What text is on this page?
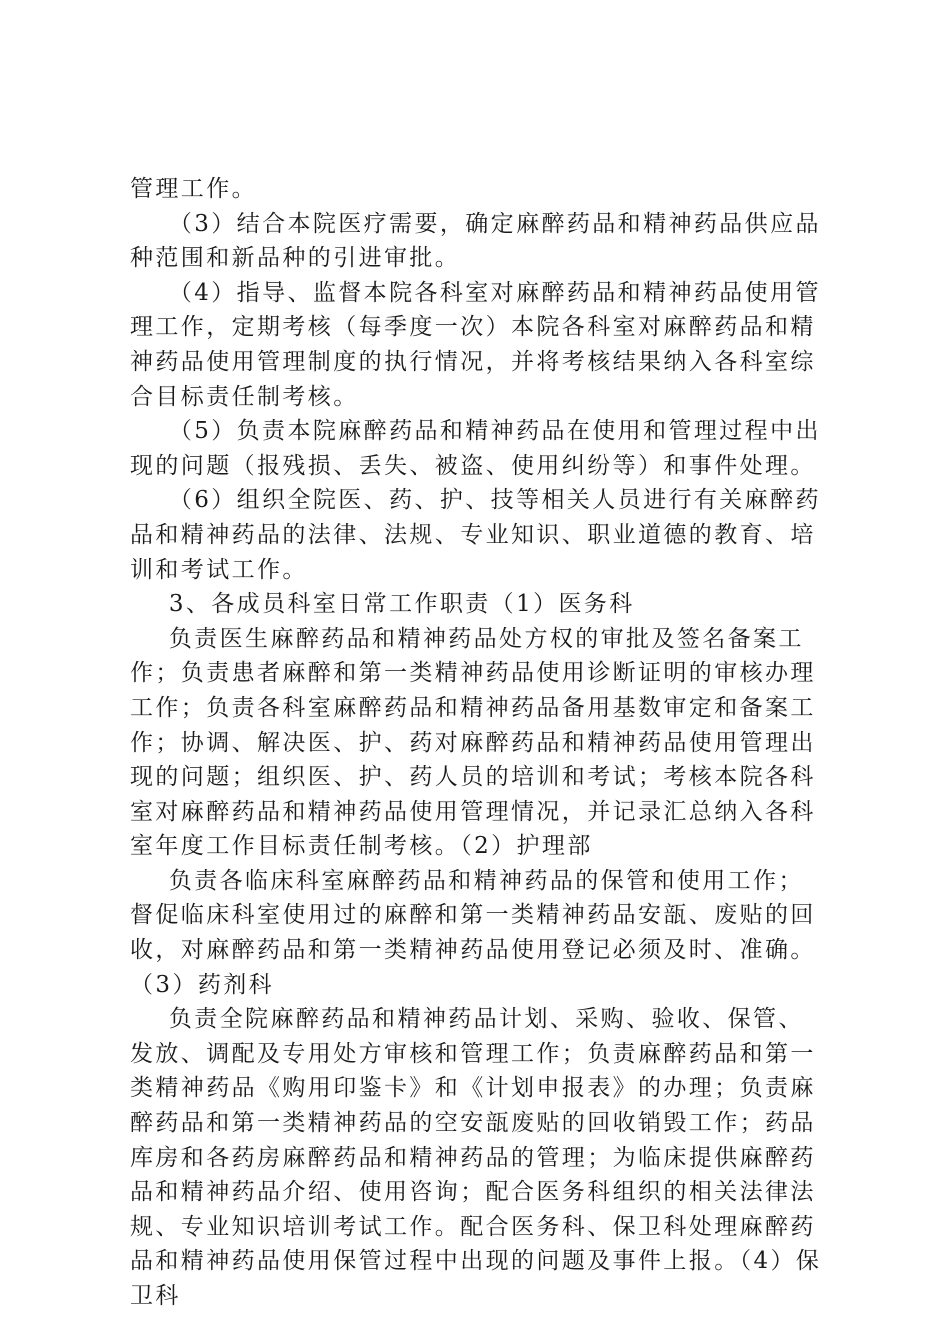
管理工作。
（3）结合本院医疗需要，确定麻醉药品和精神药品供应品
种范围和新品种的引进审批。
（4）指导、监督本院各科室对麻醉药品和精神药品使用管
理工作，定期考核（每季度一次）本院各科室对麻醉药品和精
神药品使用管理制度的执行情况，并将考核结果纳入各科室综
合目标责任制考核。
（5）负责本院麻醉药品和精神药品在使用和管理过程中出
现的问题（报残损、丢失、被盗、使用纠纷等）和事件处理。
（6）组织全院医、药、护、技等相关人员进行有关麻醉药
品和精神药品的法律、法规、专业知识、职业道德的教育、培
训和考试工作。
3、各成员科室日常工作职责（1）医务科
负责医生麻醉药品和精神药品处方权的审批及签名备案工
作；负责患者麻醉和第一类精神药品使用诊断证明的审核办理
工作；负责各科室麻醉药品和精神药品备用基数审定和备案工
作；协调、解决医、护、药对麻醉药品和精神药品使用管理出
现的问题；组织医、护、药人员的培训和考试；考核本院各科
室对麻醉药品和精神药品使用管理情况，并记录汇总纳入各科
室年度工作目标责任制考核。（2）护理部
负责各临床科室麻醉药品和精神药品的保管和使用工作；
督促临床科室使用过的麻醉和第一类精神药品安瓿、废贴的回
收，对麻醉药品和第一类精神药品使用登记必须及时、准确。
（3）药剂科
负责全院麻醉药品和精神药品计划、采购、验收、保管、
发放、调配及专用处方审核和管理工作；负责麻醉药品和第一
类精神药品《购用印鉴卡》和《计划申报表》的办理；负责麻
醉药品和第一类精神药品的空安瓿废贴的回收销毁工作；药品
库房和各药房麻醉药品和精神药品的管理；为临床提供麻醉药
品和精神药品介绍、使用咨询；配合医务科组织的相关法律法
规、专业知识培训考试工作。配合医务科、保卫科处理麻醉药
品和精神药品使用保管过程中出现的问题及事件上报。（4）保
卫科
